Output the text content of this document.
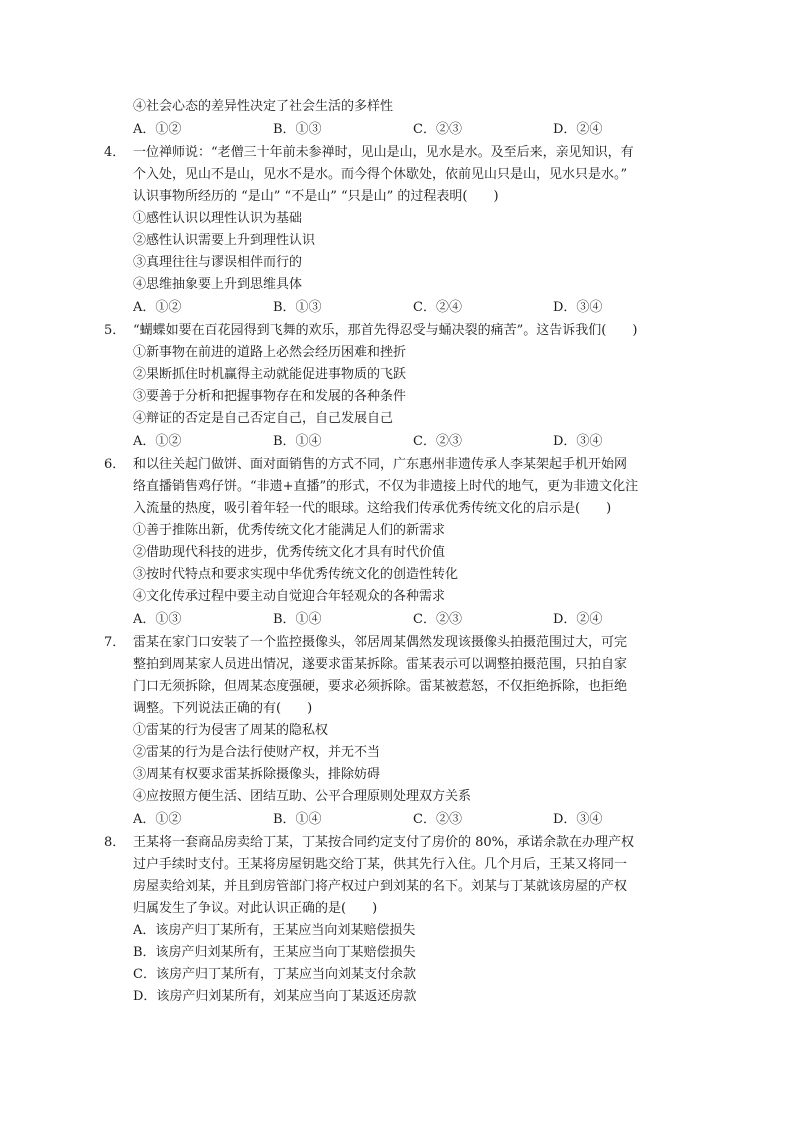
④社会心态的差异性决定了社会生活的多样性
A．①②	B．①③	C．②③	D．②④
4． 一位禅师说：“老僧三十年前未参禅时，见山是山，见水是水。及至后来，亲见知识，有
个入处，见山不是山，见水不是水。而今得个休歇处，依前见山只是山，见水只是水。”
认识事物所经历的 “是山” “不是山” “只是山” 的过程表明(　　)
①感性认识以理性认识为基础
②感性认识需要上升到理性认识
③真理往往与谬误相伴而行的
④思维抽象要上升到思维具体
A．①②	B．①③	C．②④	D．③④
5． “蝴蝶如要在百花园得到飞舞的欢乐，那首先得忍受与蛹决裂的痛苦”。这告诉我们(　　)
①新事物在前进的道路上必然会经历困难和挫折
②果断抓住时机赢得主动就能促进事物质的飞跃
③要善于分析和把握事物存在和发展的各种条件
④辩证的否定是自己否定自己，自己发展自己
A．①②	B．①④	C．②③	D．③④
6． 和以往关起门做饼、面对面销售的方式不同，广东惠州非遗传承人李某架起手机开始网
络直播销售鸡仔饼。“非遗+直播”的形式，不仅为非遗接上时代的地气，更为非遗文化注
入流量的热度，吸引着年轻一代的眼球。这给我们传承优秀传统文化的启示是(　　)
①善于推陈出新，优秀传统文化才能满足人们的新需求
②借助现代科技的进步，优秀传统文化才具有时代价值
③按时代特点和要求实现中华优秀传统文化的创造性转化
④文化传承过程中要主动自觉迎合年轻观众的各种需求
A．①③	B．①④	C．②③	D．②④
7． 雷某在家门口安装了一个监控摄像头，邻居周某偶然发现该摄像头拍摄范围过大，可完
整拍到周某家人员进出情况，遂要求雷某拆除。雷某表示可以调整拍摄范围，只拍自家
门口无须拆除，但周某态度强硬，要求必须拆除。雷某被惹怒，不仅拒绝拆除，也拒绝
调整。下列说法正确的有(　　)
①雷某的行为侵害了周某的隐私权
②雷某的行为是合法行使财产权，并无不当
③周某有权要求雷某拆除摄像头，排除妨碍
④应按照方便生活、团结互助、公平合理原则处理双方关系
A．①②	B．①④	C．②③	D．③④
8． 王某将一套商品房卖给丁某，丁某按合同约定支付了房价的 80%，承诺余款在办理产权
过户手续时支付。王某将房屋钥匙交给丁某，供其先行入住。几个月后，王某又将同一
房屋卖给刘某，并且到房管部门将产权过户到刘某的名下。刘某与丁某就该房屋的产权
归属发生了争议。对此认识正确的是(　　)
A．该房产归丁某所有，王某应当向刘某赔偿损失
B．该房产归刘某所有，王某应当向丁某赔偿损失
C．该房产归丁某所有，丁某应当向刘某支付余款
D．该房产归刘某所有，刘某应当向丁某返还房款
